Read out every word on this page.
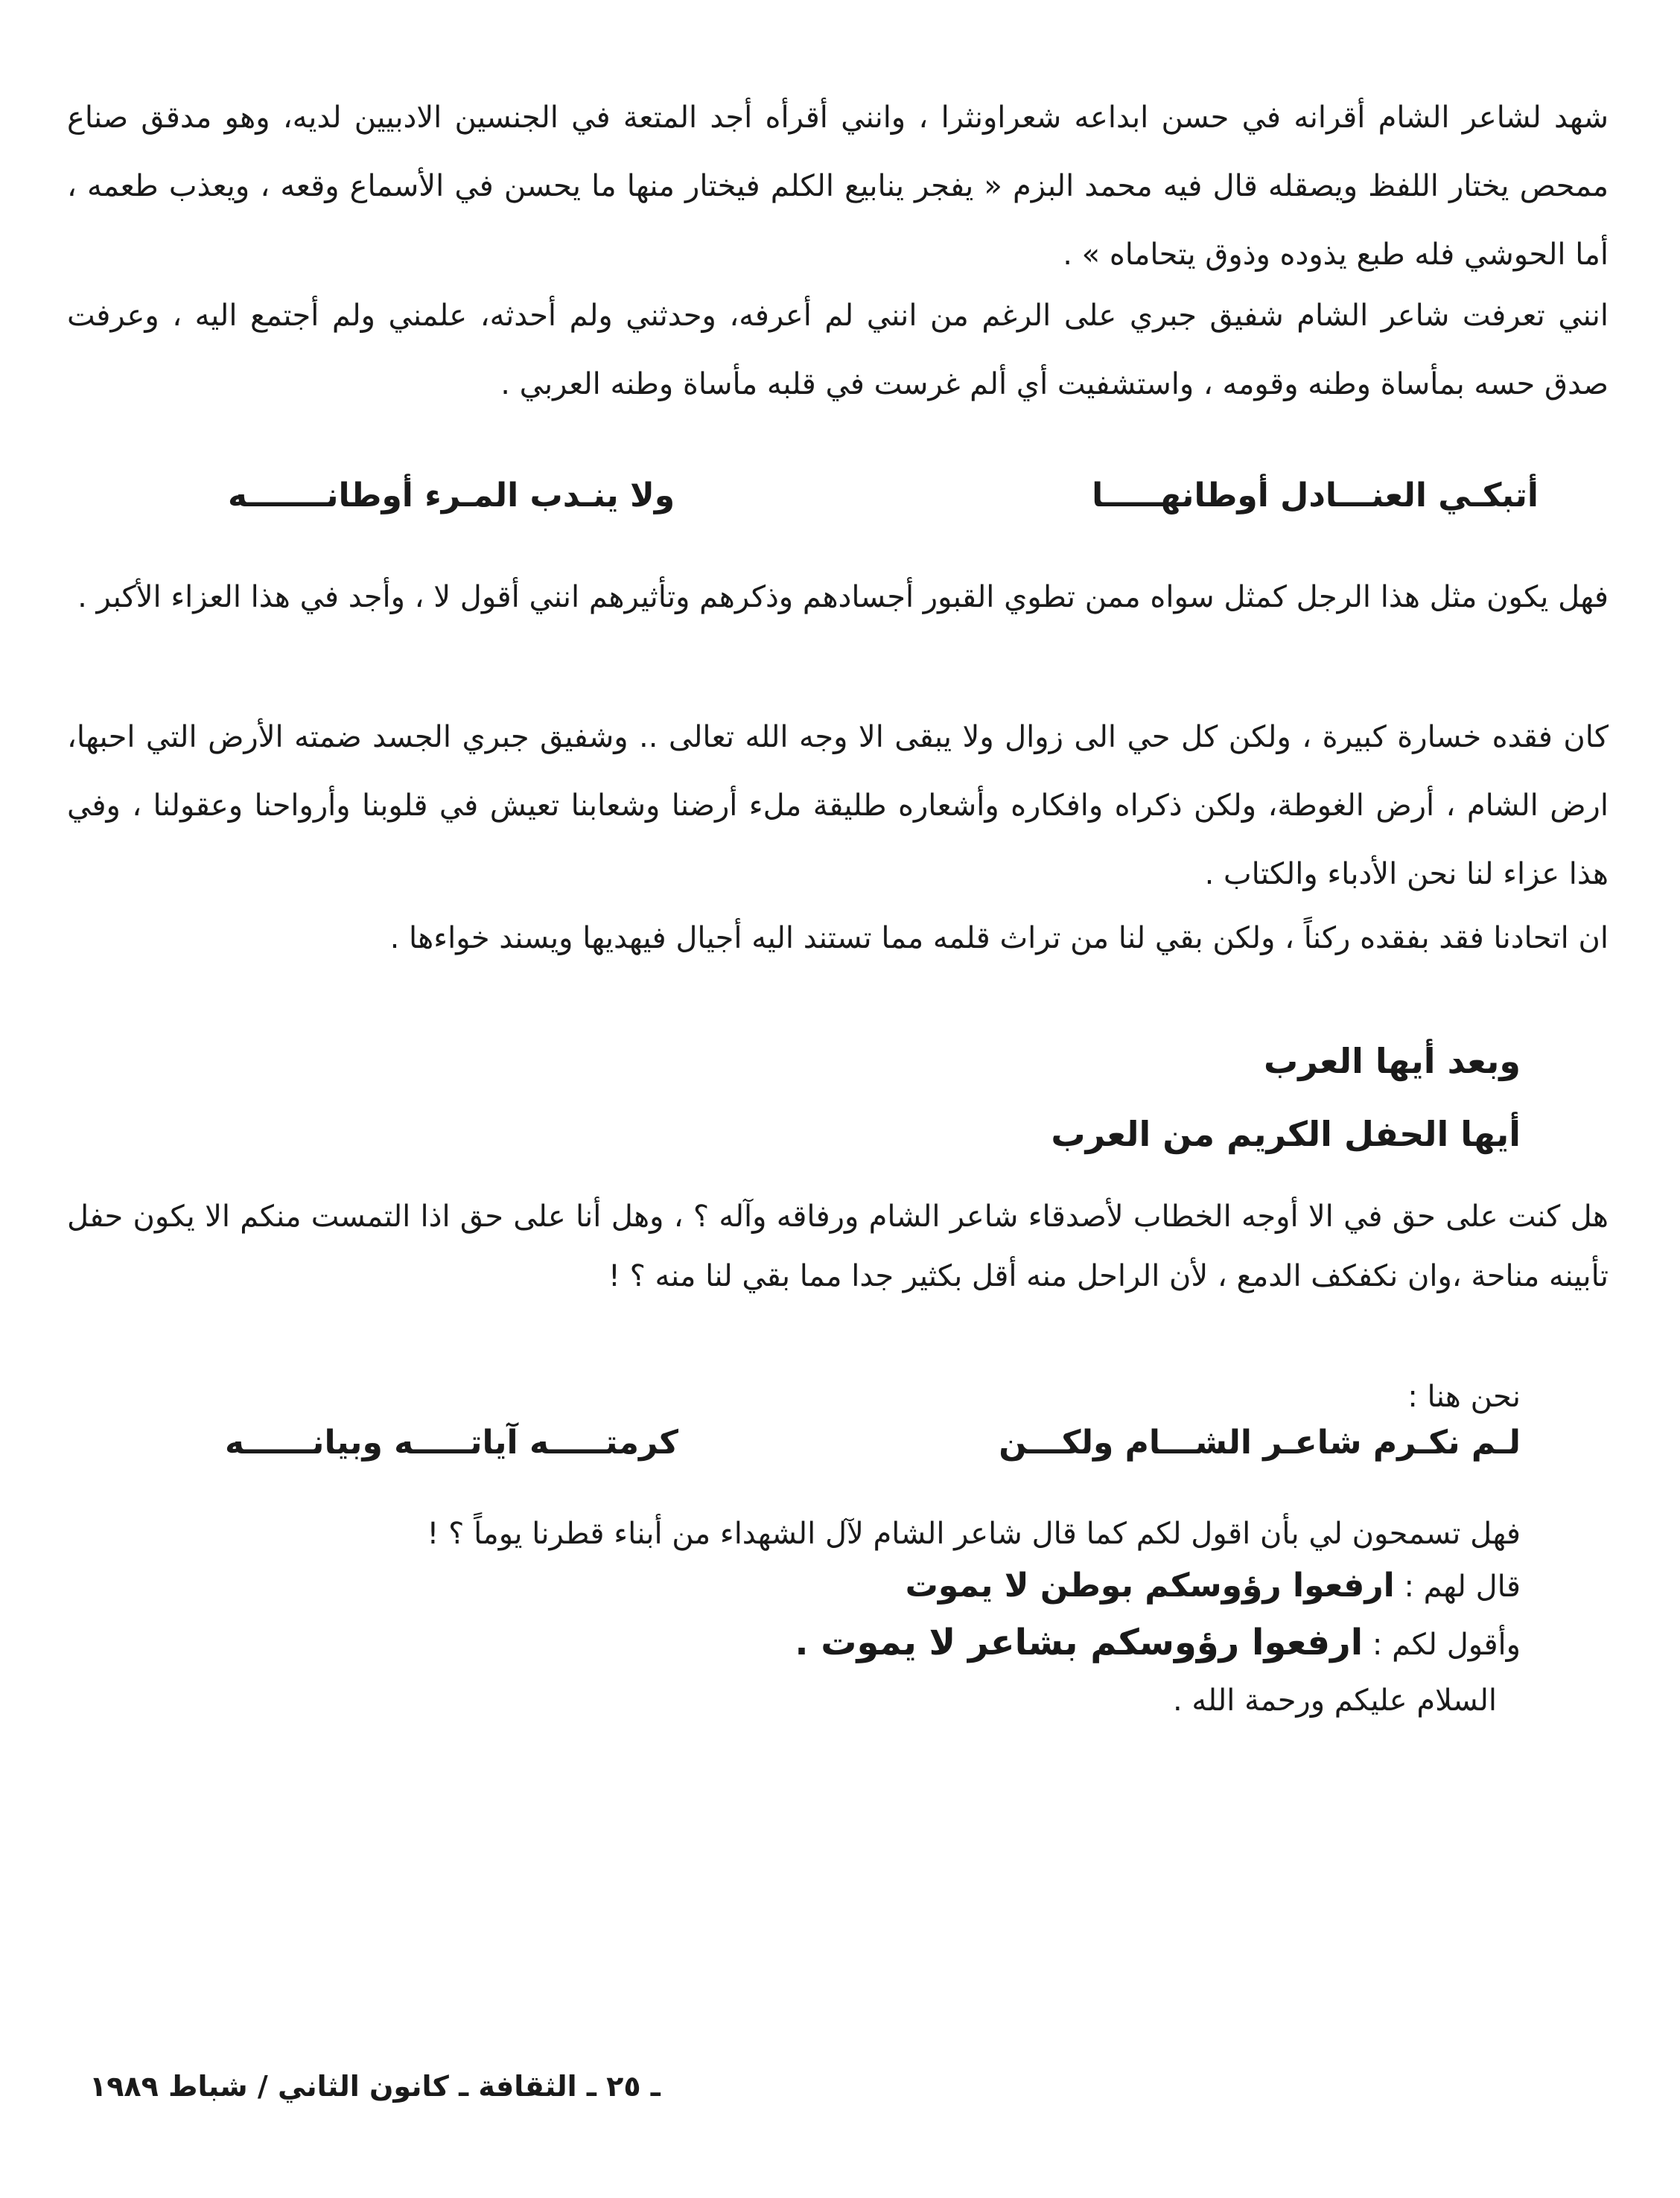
شهد لشاعر الشام أقرانه في حسن ابداعه شعراونثرا ، وانني أقرأه أجد المتعة في الجنسين الادبيين لديه، وهو مدقق صناع ممحص يختار اللفظ ويصقله قال فيه محمد البزم « يفجر ينابيع الكلم فيختار منها ما يحسن في الأسماع وقعه ، ويعذب طعمه ، أما الحوشي فله طبع يذوده وذوق يتحاماه » .

انني تعرفت شاعر الشام شفيق جبري على الرغم من انني لم أعرفه، وحدثني ولم أحدثه، علمني ولم أجتمع اليه ، وعرفت صدق حسه بمأساة وطنه وقومه ، واستشفيت أي ألم غرست في قلبه مأساة وطنه العربي .

أتبكـي العنـــادل أوطانهـــــا
ولا ينـدب المـرء أوطانـــــــه

فهل يكون مثل هذا الرجل كمثل سواه ممن تطوي القبور أجسادهم وذكرهم وتأثيرهم انني أقول لا ، وأجد في هذا العزاء الأكبر .

كان فقده خسارة كبيرة ، ولكن كل حي الى زوال ولا يبقى الا وجه الله تعالى .. وشفيق جبري الجسد ضمته الأرض التي احبها، ارض الشام ، أرض الغوطة، ولكن ذكراه وافكاره وأشعاره طليقة ملء أرضنا وشعابنا تعيش في قلوبنا وأرواحنا وعقولنا ، وفي هذا عزاء لنا نحن الأدباء والكتاب .

ان اتحادنا فقد بفقده ركناً ، ولكن بقي لنا من تراث قلمه مما تستند اليه أجيال فيهديها ويسند خواءها .

وبعد أيها العرب
أيها الحفل الكريم من العرب

هل كنت على حق في الا أوجه الخطاب لأصدقاء شاعر الشام ورفاقه وآله ؟ ، وهل أنا على حق اذا التمست منكم الا يكون حفل تأبينه مناحة ،وان نكفكف الدمع ، لأن الراحل منه أقل بكثير جدا مما بقي لنا منه ؟ !

نحن هنا :

لـم نكـرم شاعـر الشـــام ولكـــن
كرمتـــــه آياتـــــه وبيانــــــه

فهل تسمحون لي بأن اقول لكم كما قال شاعر الشام لآل الشهداء من أبناء قطرنا يوماً ؟ !

قال لهم : ارفعوا رؤوسكم بوطن لا يموت

وأقول لكم : ارفعوا رؤوسكم بشاعر لا يموت .

السلام عليكم ورحمة الله .

ـ ٢٥ ـ الثقافة ـ كانون الثاني / شباط ١٩٨٩
